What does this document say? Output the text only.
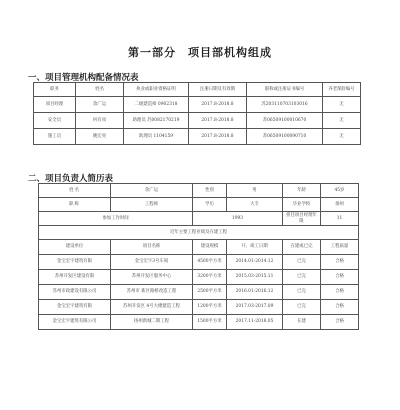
第一部分　项目部机构组成
一、项目管理机构配备情况表
职务	姓名	执业或职业资格证明	注册日期及有效期	职称或注册证书编号	养老保险编号
项目经理	余广运	二级建造师 0902318	2017.8-2018.8	苏203110703103016	无
安全员	何有凤	助理员 苏0082170219	2017.8-2018.8	苏06509100010670	无
施工员	姚宏亮	助理员 1104159	2017.8-2018.8	苏06509100090710	无
二、项目负责人简历表
姓名	余广运	性别	男	年龄	45岁
职称	工程师	学历	大专	毕业学校	扬州
参加工作时间		1993		担任项目经理年限	11
近年主要工程业绩及在建工程					
建设单位	项目名称	建设规模	开、竣工日期	在建或已完	工程质量
金宝宏宇建筑有限	金宝宏宇3号车间	4500平方米	2014.01-2014.12	已完	合格
苏州开发区建设有限	苏州开发区服务中心	3200平方米	2015.03-2015.11	已完	合格
苏州市政建设有限公司	苏州市 新区路桥改造工程	2500平方米	2016.01-2016.12	已完	合格
金宝宏宇建筑有限	苏州开发区 4号大楼建造工程	1200平方米	2017.03-2017.09	已完	合格
金宝宏宇建筑有限公司	扬州新城二期工程	1500平方米	2017.11-2018.05	在建	合格
